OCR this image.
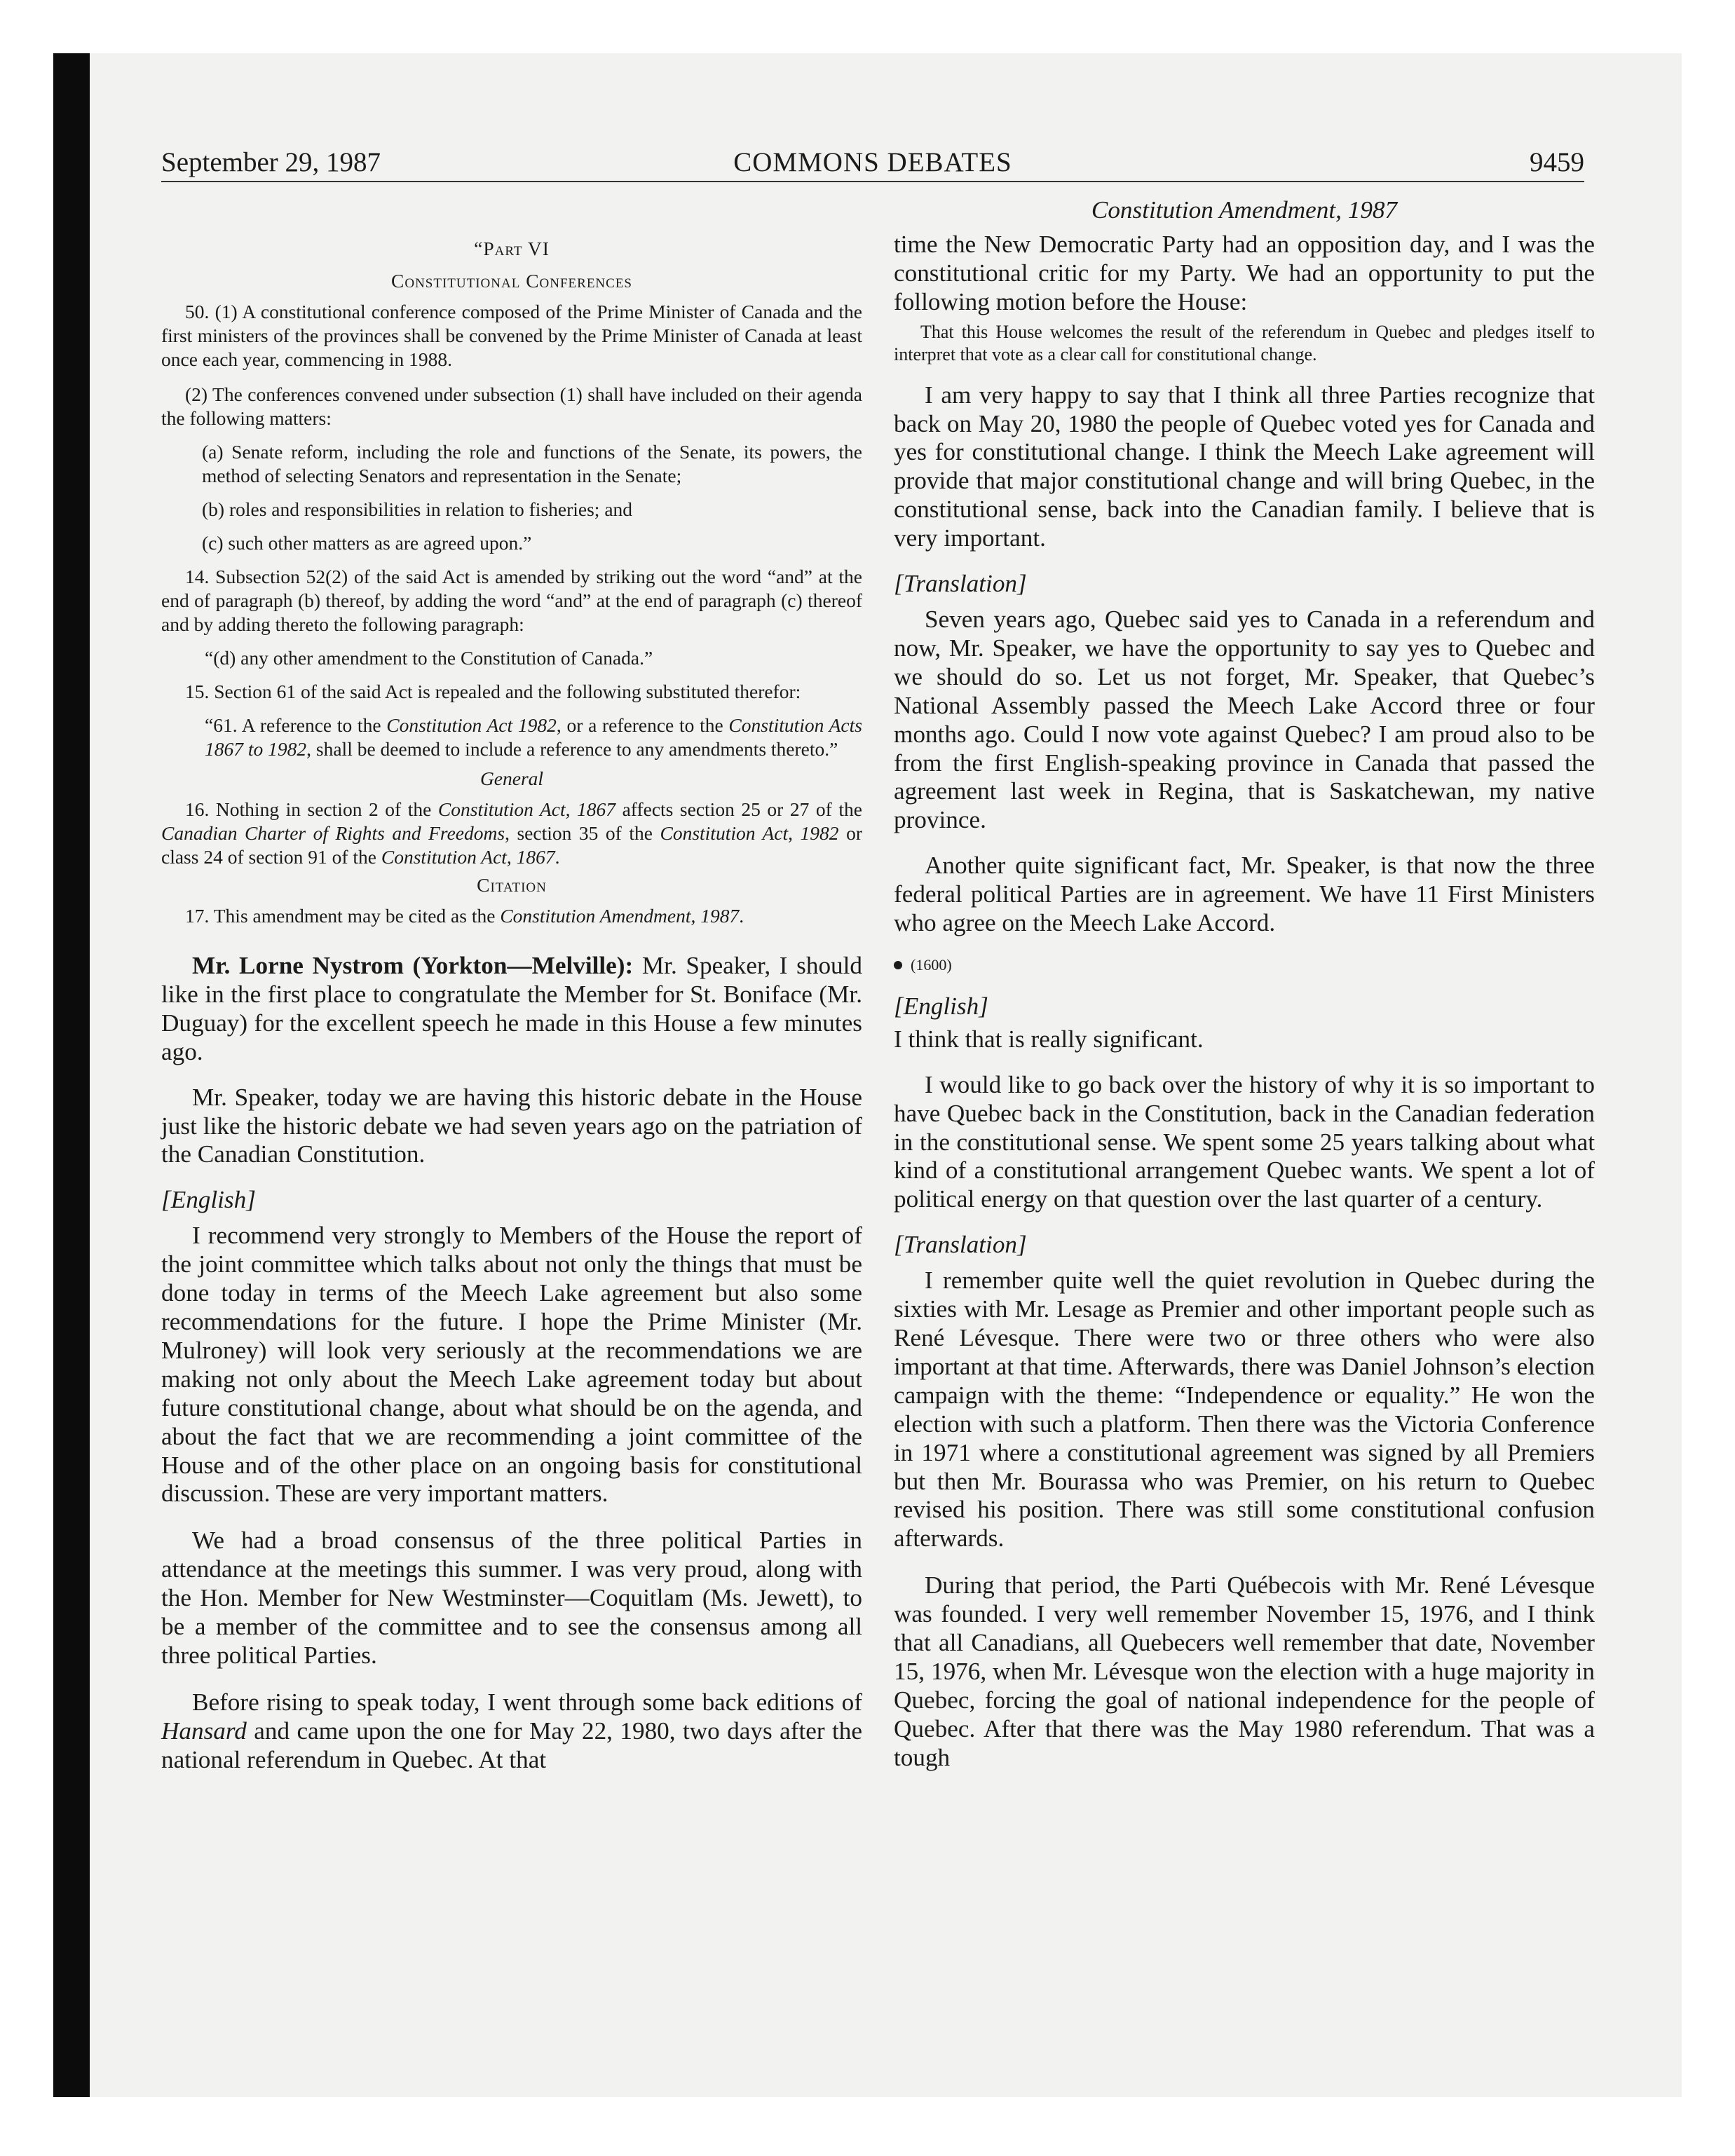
September 29, 1987	COMMONS DEBATES	9459

“Part VI

Constitutional Conferences

50. (1) A constitutional conference composed of the Prime Minister of Canada and the first ministers of the provinces shall be convened by the Prime Minister of Canada at least once each year, commencing in 1988.

(2) The conferences convened under subsection (1) shall have included on their agenda the following matters:

(a) Senate reform, including the role and functions of the Senate, its powers, the method of selecting Senators and representation in the Senate;

(b) roles and responsibilities in relation to fisheries; and

(c) such other matters as are agreed upon.”

14. Subsection 52(2) of the said Act is amended by striking out the word “and” at the end of paragraph (b) thereof, by adding the word “and” at the end of paragraph (c) thereof and by adding thereto the following paragraph:

“(d) any other amendment to the Constitution of Canada.”

15. Section 61 of the said Act is repealed and the following substituted therefor:

“61. A reference to the Constitution Act 1982, or a reference to the Constitution Acts 1867 to 1982, shall be deemed to include a reference to any amendments thereto.”

General

16. Nothing in section 2 of the Constitution Act, 1867 affects section 25 or 27 of the Canadian Charter of Rights and Freedoms, section 35 of the Constitution Act, 1982 or class 24 of section 91 of the Constitution Act, 1867.

Citation

17. This amendment may be cited as the Constitution Amendment, 1987.

Mr. Lorne Nystrom (Yorkton—Melville): Mr. Speaker, I should like in the first place to congratulate the Member for St. Boniface (Mr. Duguay) for the excellent speech he made in this House a few minutes ago.

Mr. Speaker, today we are having this historic debate in the House just like the historic debate we had seven years ago on the patriation of the Canadian Constitution.

[English]

I recommend very strongly to Members of the House the report of the joint committee which talks about not only the things that must be done today in terms of the Meech Lake agreement but also some recommendations for the future. I hope the Prime Minister (Mr. Mulroney) will look very seriously at the recommendations we are making not only about the Meech Lake agreement today but about future constitutional change, about what should be on the agenda, and about the fact that we are recommending a joint committee of the House and of the other place on an ongoing basis for constitutional discussion. These are very important matters.

We had a broad consensus of the three political Parties in attendance at the meetings this summer. I was very proud, along with the Hon. Member for New Westminster—Coquitlam (Ms. Jewett), to be a member of the committee and to see the consensus among all three political Parties.

Before rising to speak today, I went through some back editions of Hansard and came upon the one for May 22, 1980, two days after the national referendum in Quebec. At that

Constitution Amendment, 1987

time the New Democratic Party had an opposition day, and I was the constitutional critic for my Party. We had an opportunity to put the following motion before the House:

That this House welcomes the result of the referendum in Quebec and pledges itself to interpret that vote as a clear call for constitutional change.

I am very happy to say that I think all three Parties recognize that back on May 20, 1980 the people of Quebec voted yes for Canada and yes for constitutional change. I think the Meech Lake agreement will provide that major constitutional change and will bring Quebec, in the constitutional sense, back into the Canadian family. I believe that is very important.

[Translation]

Seven years ago, Quebec said yes to Canada in a referendum and now, Mr. Speaker, we have the opportunity to say yes to Quebec and we should do so. Let us not forget, Mr. Speaker, that Quebec’s National Assembly passed the Meech Lake Accord three or four months ago. Could I now vote against Quebec? I am proud also to be from the first English-speaking province in Canada that passed the agreement last week in Regina, that is Saskatchewan, my native province.

Another quite significant fact, Mr. Speaker, is that now the three federal political Parties are in agreement. We have 11 First Ministers who agree on the Meech Lake Accord.

(1600)

[English]

I think that is really significant.

I would like to go back over the history of why it is so important to have Quebec back in the Constitution, back in the Canadian federation in the constitutional sense. We spent some 25 years talking about what kind of a constitutional arrangement Quebec wants. We spent a lot of political energy on that question over the last quarter of a century.

[Translation]

I remember quite well the quiet revolution in Quebec during the sixties with Mr. Lesage as Premier and other important people such as René Lévesque. There were two or three others who were also important at that time. Afterwards, there was Daniel Johnson’s election campaign with the theme: “Independence or equality.” He won the election with such a platform. Then there was the Victoria Conference in 1971 where a constitutional agreement was signed by all Premiers but then Mr. Bourassa who was Premier, on his return to Quebec revised his position. There was still some constitutional confusion afterwards.

During that period, the Parti Québecois with Mr. René Lévesque was founded. I very well remember November 15, 1976, and I think that all Canadians, all Quebecers well remember that date, November 15, 1976, when Mr. Lévesque won the election with a huge majority in Quebec, forcing the goal of national independence for the people of Quebec. After that there was the May 1980 referendum. That was a tough
